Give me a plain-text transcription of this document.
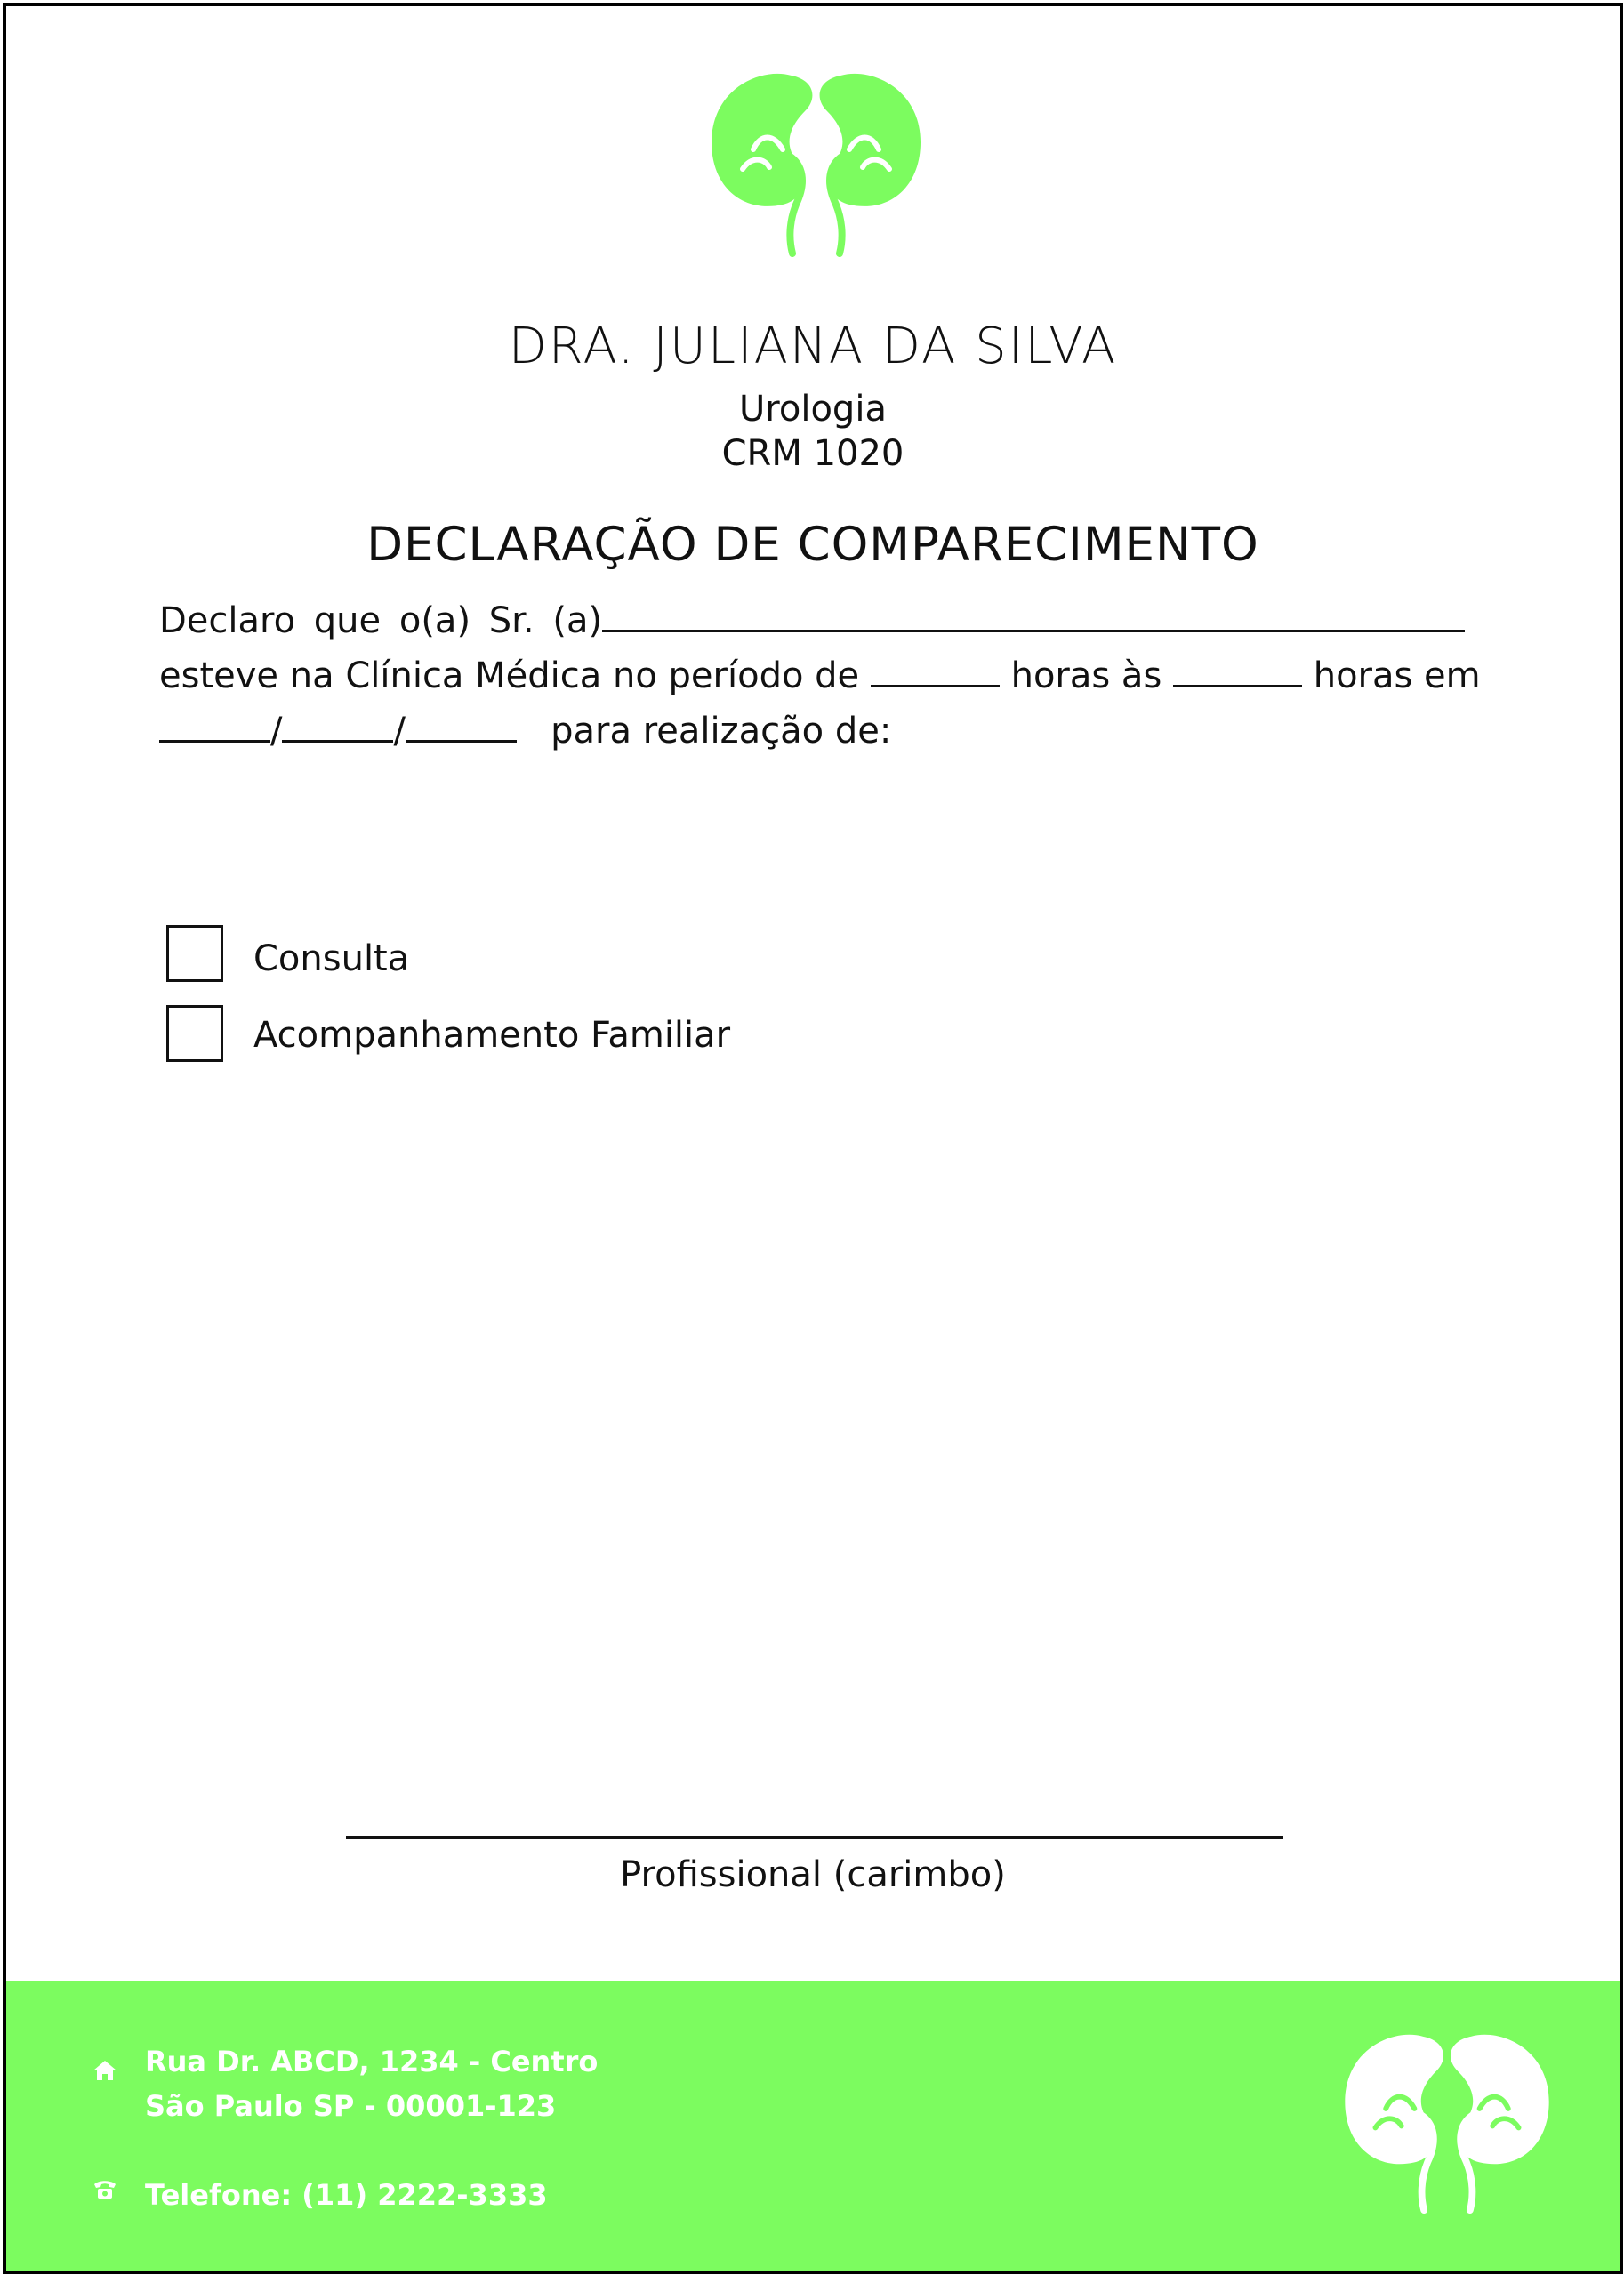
DRA. JULIANA DA SILVA
Urologia
CRM 1020
DECLARAÇÃO DE COMPARECIMENTO
Declaro que o(a) Sr. (a)
esteve na Clínica Médica no período de	horas às	horas em
/	/	para realização de:
Consulta
Acompanhamento Familiar
Profissional (carimbo)
Rua Dr. ABCD, 1234 - Centro
São Paulo SP - 00001-123
Telefone: (11) 2222-3333
